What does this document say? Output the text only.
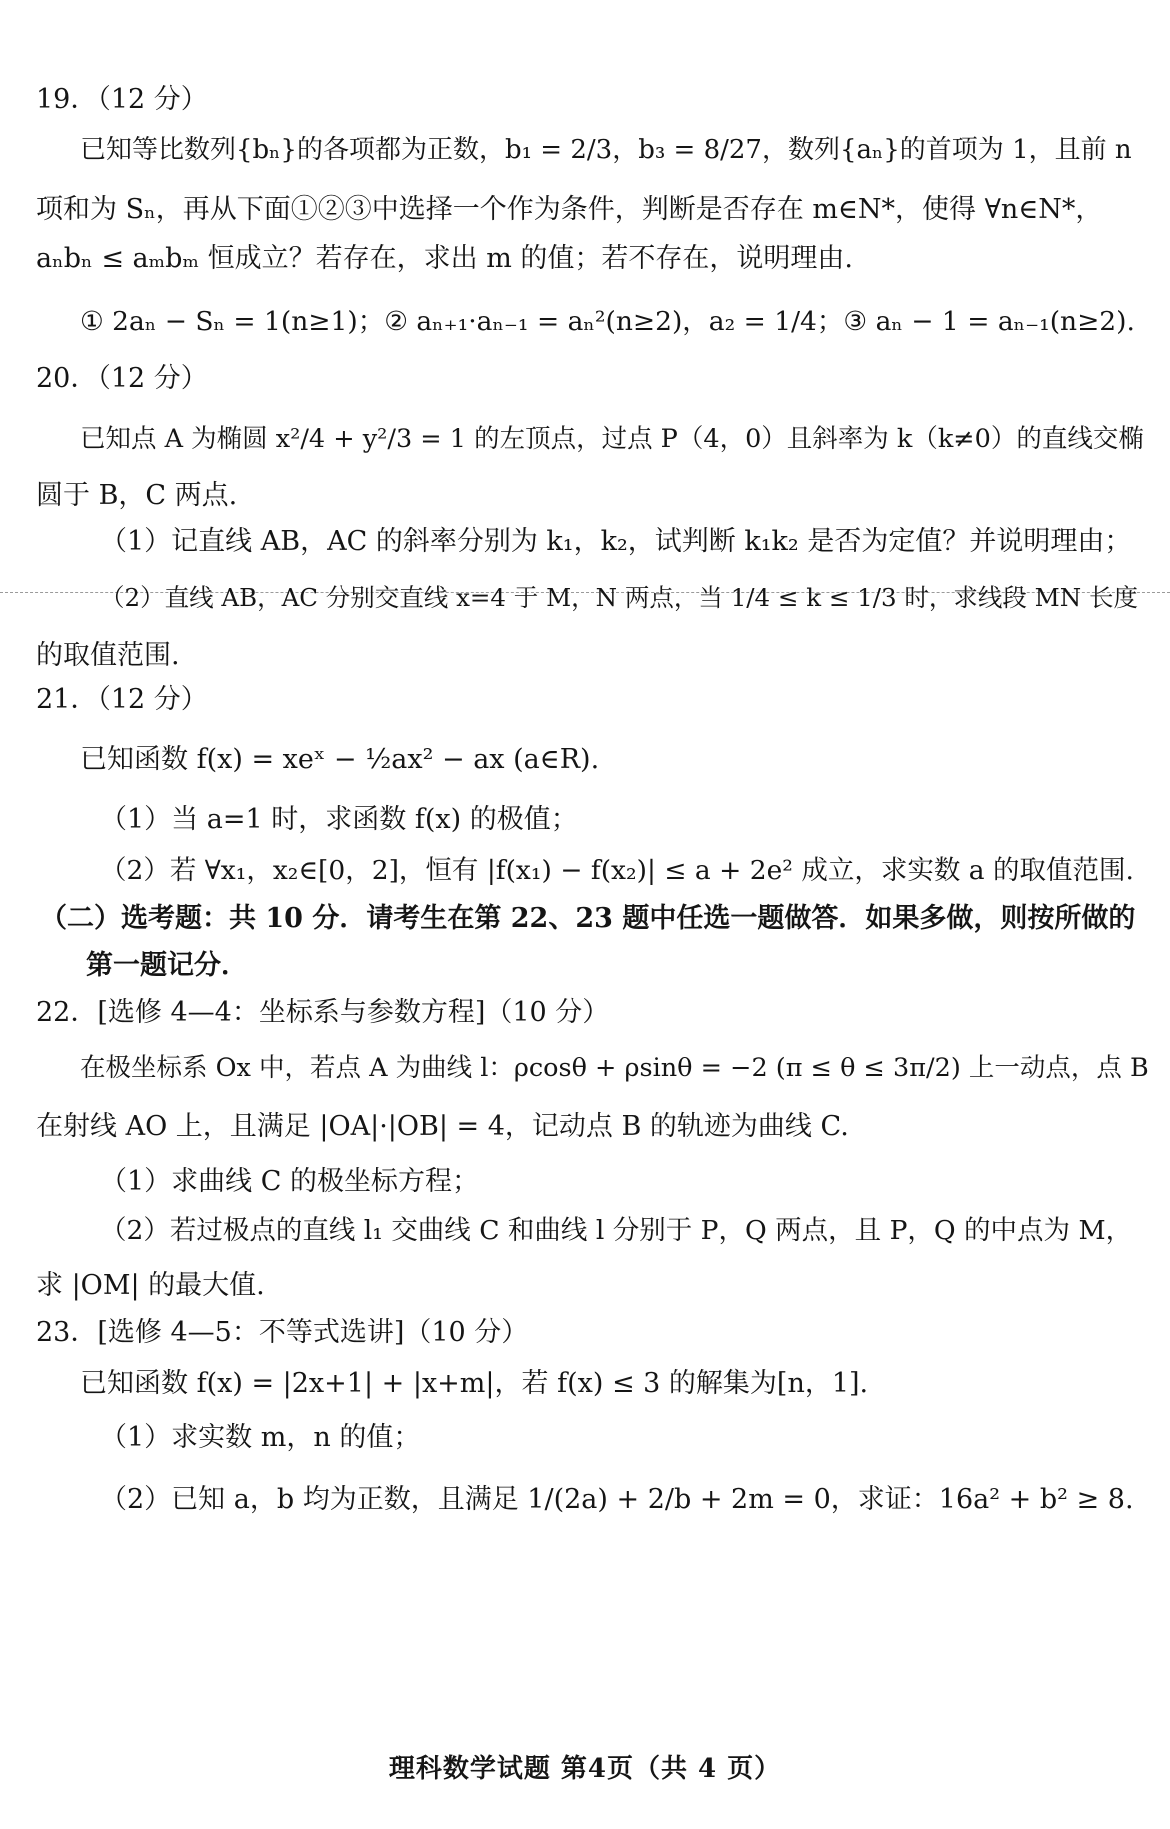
19．（12 分）
已知等比数列{bₙ}的各项都为正数，b₁ = 2/3，b₃ = 8/27，数列{aₙ}的首项为 1，且前 n
项和为 Sₙ，再从下面①②③中选择一个作为条件，判断是否存在 m∈N*，使得 ∀n∈N*，
aₙbₙ ≤ aₘbₘ 恒成立？若存在，求出 m 的值；若不存在，说明理由.
① 2aₙ − Sₙ = 1(n≥1)；② aₙ₊₁·aₙ₋₁ = aₙ²(n≥2)，a₂ = 1/4；③ aₙ − 1 = aₙ₋₁(n≥2).
20．（12 分）
已知点 A 为椭圆 x²/4 + y²/3 = 1 的左顶点，过点 P（4，0）且斜率为 k（k≠0）的直线交椭
圆于 B，C 两点.
（1）记直线 AB，AC 的斜率分别为 k₁，k₂，试判断 k₁k₂ 是否为定值？并说明理由；
（2）直线 AB，AC 分别交直线 x=4 于 M，N 两点，当 1/4 ≤ k ≤ 1/3 时，求线段 MN 长度
的取值范围.
21．（12 分）
已知函数 f(x) = xeˣ − ½ax² − ax (a∈R).
（1）当 a=1 时，求函数 f(x) 的极值；
（2）若 ∀x₁，x₂∈[0，2]，恒有 |f(x₁) − f(x₂)| ≤ a + 2e² 成立，求实数 a 的取值范围.
（二）选考题：共 10 分．请考生在第 22、23 题中任选一题做答．如果多做，则按所做的
第一题记分．
22．[选修 4—4：坐标系与参数方程]（10 分）
在极坐标系 Ox 中，若点 A 为曲线 l：ρcosθ + ρsinθ = −2 (π ≤ θ ≤ 3π/2) 上一动点，点 B
在射线 AO 上，且满足 |OA|·|OB| = 4，记动点 B 的轨迹为曲线 C.
（1）求曲线 C 的极坐标方程；
（2）若过极点的直线 l₁ 交曲线 C 和曲线 l 分别于 P，Q 两点，且 P，Q 的中点为 M，
求 |OM| 的最大值.
23．[选修 4—5：不等式选讲]（10 分）
已知函数 f(x) = |2x+1| + |x+m|，若 f(x) ≤ 3 的解集为[n，1].
（1）求实数 m，n 的值；
（2）已知 a，b 均为正数，且满足 1/(2a) + 2/b + 2m = 0，求证：16a² + b² ≥ 8.
理科数学试题 第4页（共 4 页）
